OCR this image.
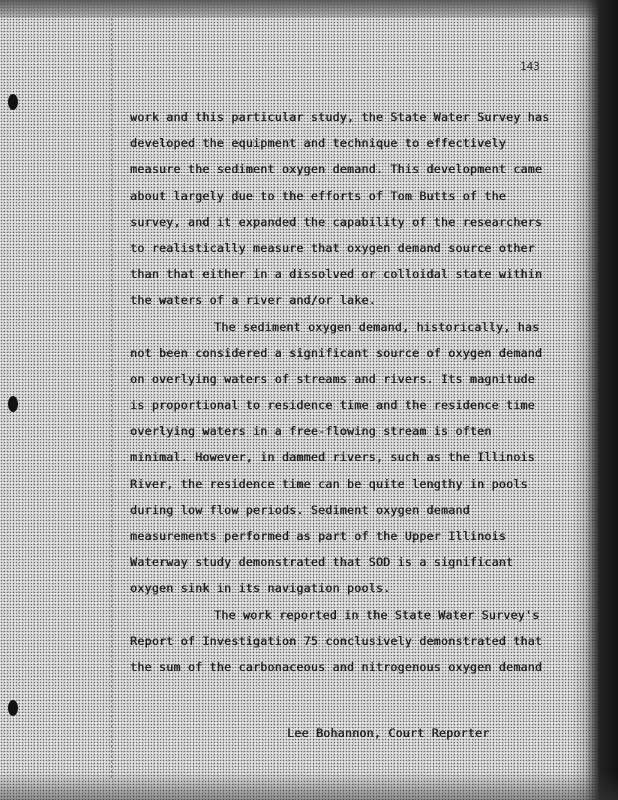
143
work and this particular study, the State Water Survey has
developed the equipment and technique to effectively
measure the sediment oxygen demand. This development came
about largely due to the efforts of Tom Butts of the
survey, and it expanded the capability of the researchers
to realistically measure that oxygen demand source other
than that either in a dissolved or colloidal state within
the waters of a river and/or lake.
The sediment oxygen demand, historically, has
not been considered a significant source of oxygen demand
on overlying waters of streams and rivers. Its magnitude
is proportional to residence time and the residence time
overlying waters in a free-flowing stream is often
minimal. However, in dammed rivers, such as the Illinois
River, the residence time can be quite lengthy in pools
during low flow periods. Sediment oxygen demand
measurements performed as part of the Upper Illinois
Waterway study demonstrated that SOD is a significant
oxygen sink in its navigation pools.
The work reported in the State Water Survey's
Report of Investigation 75 conclusively demonstrated that
the sum of the carbonaceous and nitrogenous oxygen demand
Lee Bohannon, Court Reporter
